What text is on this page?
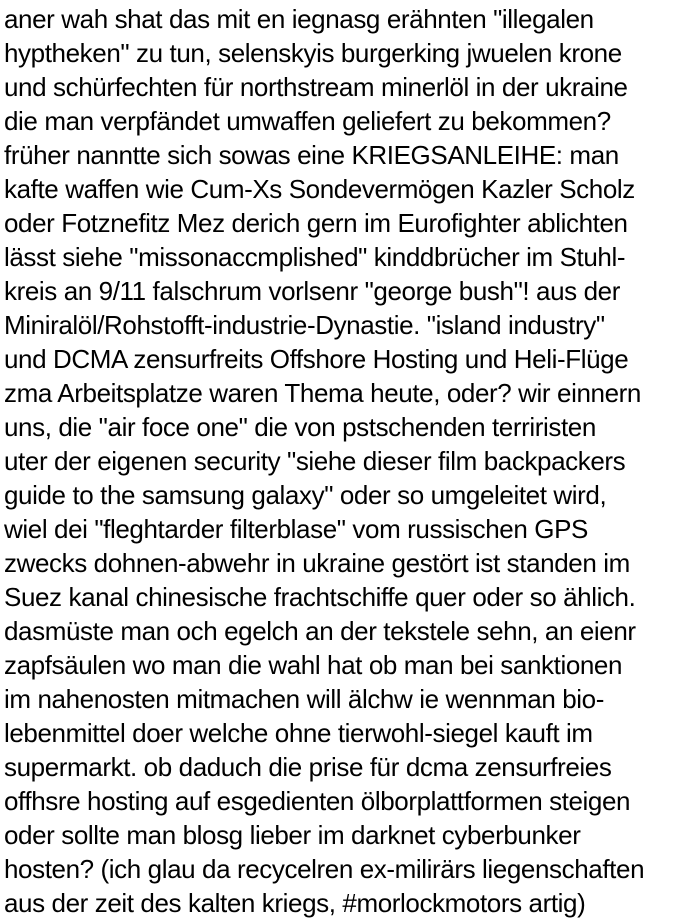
aner wah shat das mit en iegnasg erähnten "illegalen
hyptheken" zu tun, selenskyis burgerking jwuelen krone
und schürfechten für northstream minerlöl in der ukraine
die man verpfändet umwaffen geliefert zu bekommen?
früher nanntte sich sowas eine KRIEGSANLEIHE: man
kafte waffen wie Cum-Xs Sondevermögen Kazler Scholz
oder Fotznefitz Mez derich gern im Eurofighter ablichten
lässt siehe "missonaccmplished" kinddbrücher im Stuhl-
kreis an 9/11 falschrum vorlsenr "george bush"! aus der
Miniralöl/Rohstofft-industrie-Dynastie. "island industry"
und DCMA zensurfreits Offshore Hosting und Heli-Flüge
zma Arbeitsplatze waren Thema heute, oder? wir einnern
uns, die "air foce one" die von pstschenden terriristen
uter der eigenen security "siehe dieser film backpackers
guide to the samsung galaxy" oder so umgeleitet wird,
wiel dei "fleghtarder filterblase" vom russischen GPS
zwecks dohnen-abwehr in ukraine gestört ist standen im
Suez kanal chinesische frachtschiffe quer oder so ählich.
dasmüste man och egelch an der tekstele sehn, an eienr
zapfsäulen wo man die wahl hat ob man bei sanktionen
im nahenosten mitmachen will älchw ie wennman bio-
lebenmittel doer welche ohne tierwohl-siegel kauft im
supermarkt. ob daduch die prise für dcma zensurfreies
offhsre hosting auf esgedienten ölborplattformen steigen
oder sollte man blosg lieber im darknet cyberbunker
hosten? (ich glau da recycelren ex-milirärs liegenschaften
aus der zeit des kalten kriegs, #morlockmotors artig)
